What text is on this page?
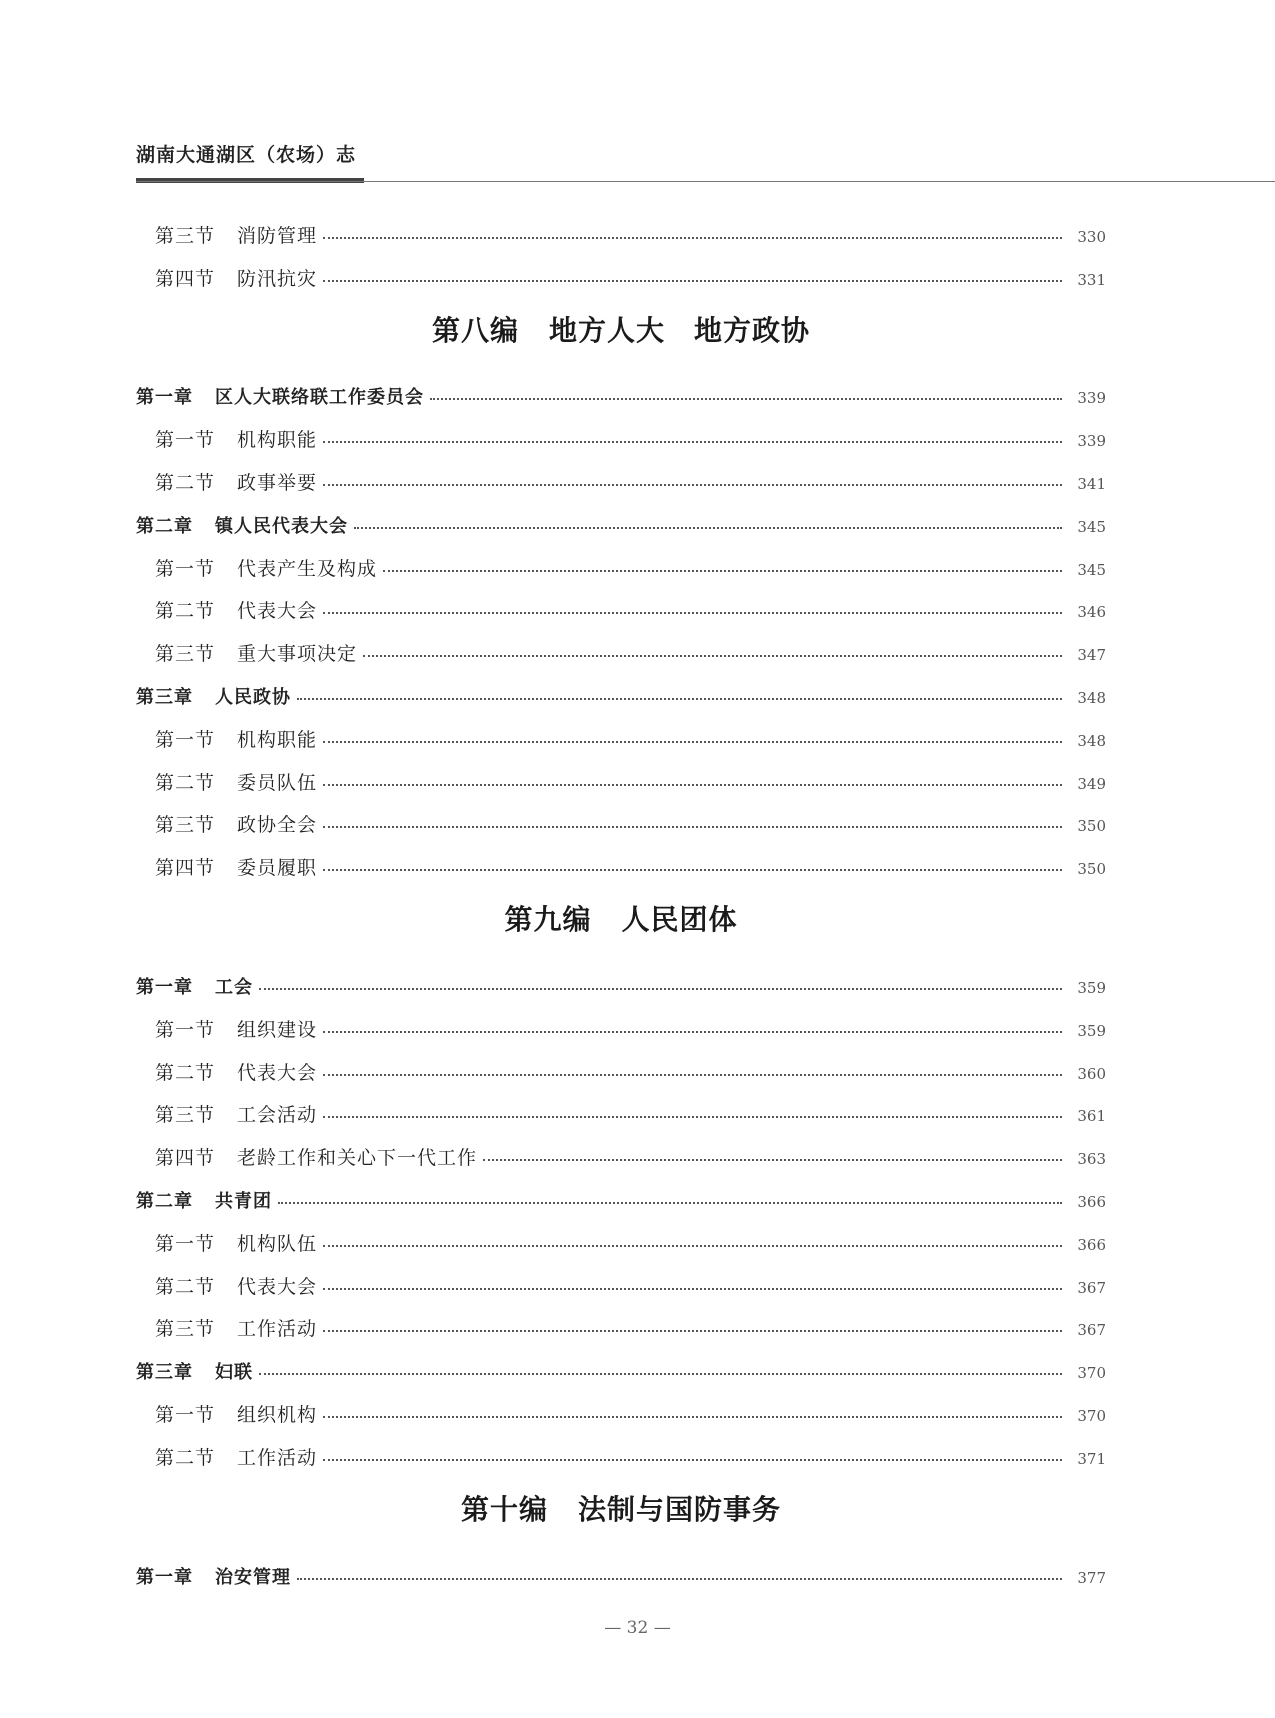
湖南大通湖区（农场）志
第三节 消防管理	330
第四节 防汛抗灾	331
第八编 地方人大　地方政协
第一章 区人大联络联工作委员会	339
第一节 机构职能	339
第二节 政事举要	341
第二章 镇人民代表大会	345
第一节 代表产生及构成	345
第二节 代表大会	346
第三节 重大事项决定	347
第三章 人民政协	348
第一节 机构职能	348
第二节 委员队伍	349
第三节 政协全会	350
第四节 委员履职	350
第九编 人民团体
第一章 工会	359
第一节 组织建设	359
第二节 代表大会	360
第三节 工会活动	361
第四节 老龄工作和关心下一代工作	363
第二章 共青团	366
第一节 机构队伍	366
第二节 代表大会	367
第三节 工作活动	367
第三章 妇联	370
第一节 组织机构	370
第二节 工作活动	371
第十编 法制与国防事务
第一章 治安管理	377
— 32 —
